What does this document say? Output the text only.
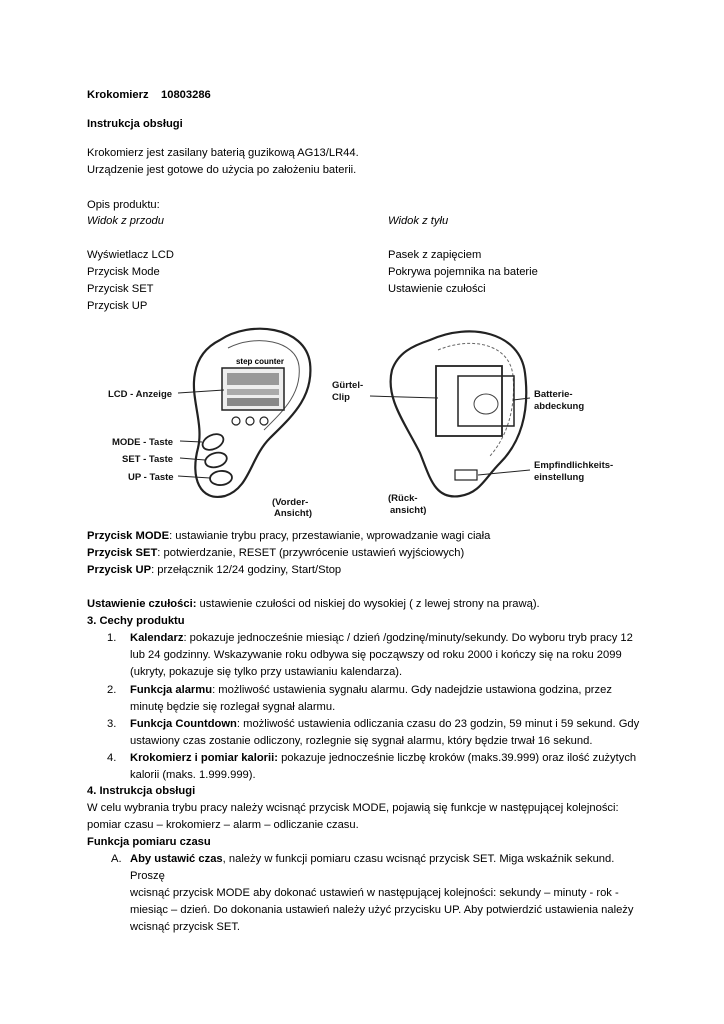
Krokomierz 10803286
Instrukcja obsługi
Krokomierz jest zasilany baterią guzikową AG13/LR44.
Urządzenie jest gotowe do użycia po założeniu baterii.
Opis produktu:
Widok z przodu	Widok z tyłu
Wyświetlacz LCD
Przycisk Mode
Przycisk SET
Przycisk UP
Pasek z zapięciem
Pokrywa pojemnika na baterie
Ustawienie czułości
step counter
LCD - Anzeige
MODE - Taste
SET - Taste
UP - Taste
(Vorder-
Ansicht)
Gürtel-
Clip	Batterie-
abdeckung
Empfindlichkeits-
einstellung
(Rück-
ansicht)
Przycisk MODE: ustawianie trybu pracy, przestawianie, wprowadzanie wagi ciała
Przycisk SET: potwierdzanie, RESET (przywrócenie ustawień wyjściowych)
Przycisk UP: przełącznik 12/24 godziny, Start/Stop
Ustawienie czułości: ustawienie czułości od niskiej do wysokiej ( z lewej strony na prawą).
3. Cechy produktu
1. Kalendarz: pokazuje jednocześnie miesiąc / dzień /godzinę/minuty/sekundy. Do wyboru tryb pracy 12
lub 24 godzinny. Wskazywanie roku odbywa się począwszy od roku 2000 i kończy się na roku 2099
(ukryty, pokazuje się tylko przy ustawianiu kalendarza).
2. Funkcja alarmu: możliwość ustawienia sygnału alarmu. Gdy nadejdzie ustawiona godzina, przez
minutę będzie się rozlegał sygnał alarmu.
3. Funkcja Countdown: możliwość ustawienia odliczania czasu do 23 godzin, 59 minut i 59 sekund. Gdy
ustawiony czas zostanie odliczony, rozlegnie się sygnał alarmu, który będzie trwał 16 sekund.
4. Krokomierz i pomiar kalorii: pokazuje jednocześnie liczbę kroków (maks.39.999) oraz ilość zużytych
kalorii (maks. 1.999.999).
4. Instrukcja obsługi
W celu wybrania trybu pracy należy wcisnąć przycisk MODE, pojawią się funkcje w następującej kolejności:
pomiar czasu – krokomierz – alarm – odliczanie czasu.
Funkcja pomiaru czasu
A. Aby ustawić czas, należy w funkcji pomiaru czasu wcisnąć przycisk SET. Miga wskaźnik sekund. Proszę
wcisnąć przycisk MODE aby dokonać ustawień w następującej kolejności: sekundy – minuty - rok -
miesiąc – dzień. Do dokonania ustawień należy użyć przycisku UP. Aby potwierdzić ustawienia należy
wcisnąć przycisk SET.
